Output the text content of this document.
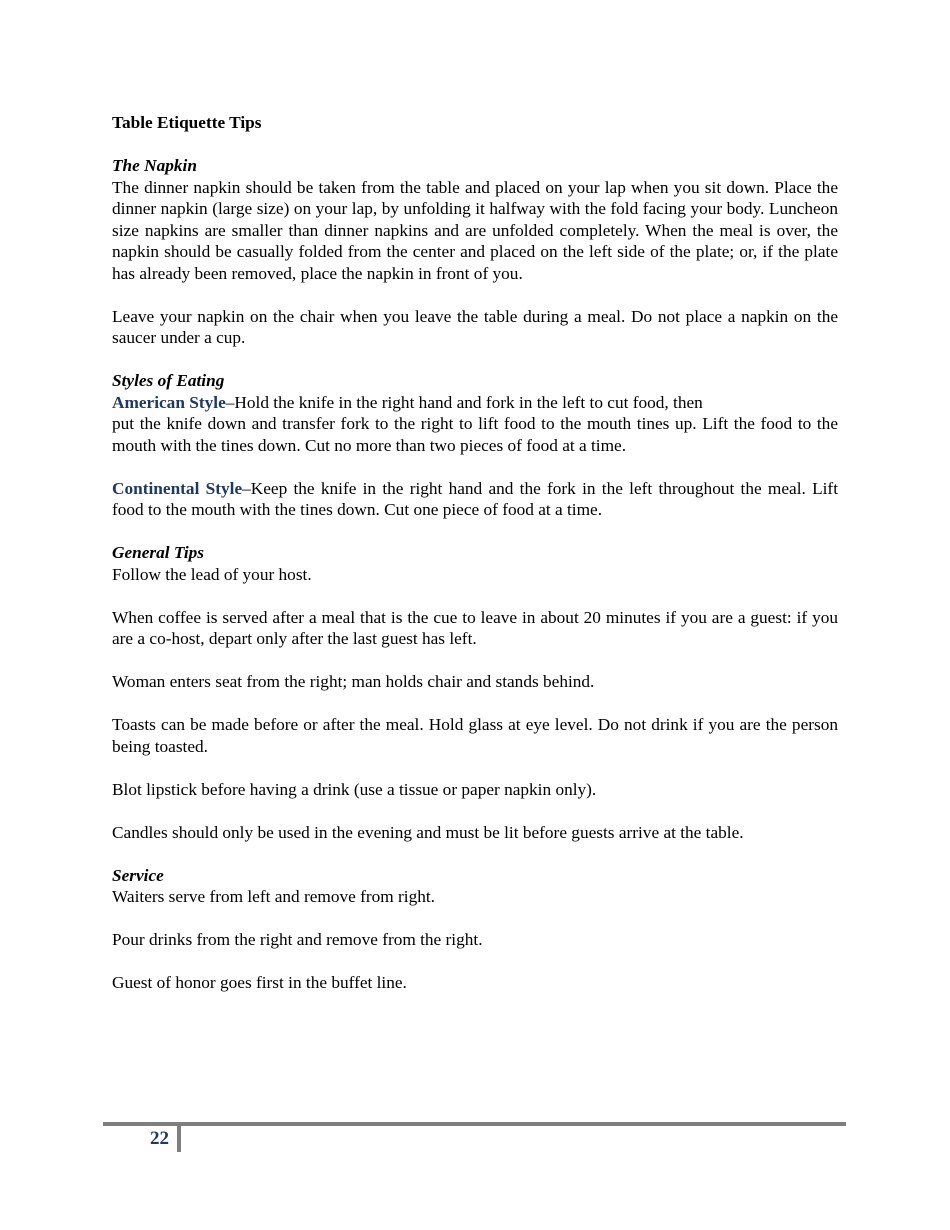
Table Etiquette Tips

The Napkin

The dinner napkin should be taken from the table and placed on your lap when you sit down. Place the dinner napkin (large size) on your lap, by unfolding it halfway with the fold facing your body. Luncheon size napkins are smaller than dinner napkins and are unfolded completely. When the meal is over, the napkin should be casually folded from the center and placed on the left side of the plate; or, if the plate has already been removed, place the napkin in front of you.

Leave your napkin on the chair when you leave the table during a meal. Do not place a napkin on the saucer under a cup.

Styles of Eating

American Style–Hold the knife in the right hand and fork in the left to cut food, then

put the knife down and transfer fork to the right to lift food to the mouth tines up. Lift the food to the mouth with the tines down. Cut no more than two pieces of food at a time.

Continental Style–Keep the knife in the right hand and the fork in the left throughout the meal. Lift food to the mouth with the tines down. Cut one piece of food at a time.

General Tips

Follow the lead of your host.

When coffee is served after a meal that is the cue to leave in about 20 minutes if you are a guest: if you are a co-host, depart only after the last guest has left.

Woman enters seat from the right; man holds chair and stands behind.

Toasts can be made before or after the meal. Hold glass at eye level. Do not drink if you are the person being toasted.

Blot lipstick before having a drink (use a tissue or paper napkin only).

Candles should only be used in the evening and must be lit before guests arrive at the table.

Service

Waiters serve from left and remove from right.

Pour drinks from the right and remove from the right.

Guest of honor goes first in the buffet line.

22
